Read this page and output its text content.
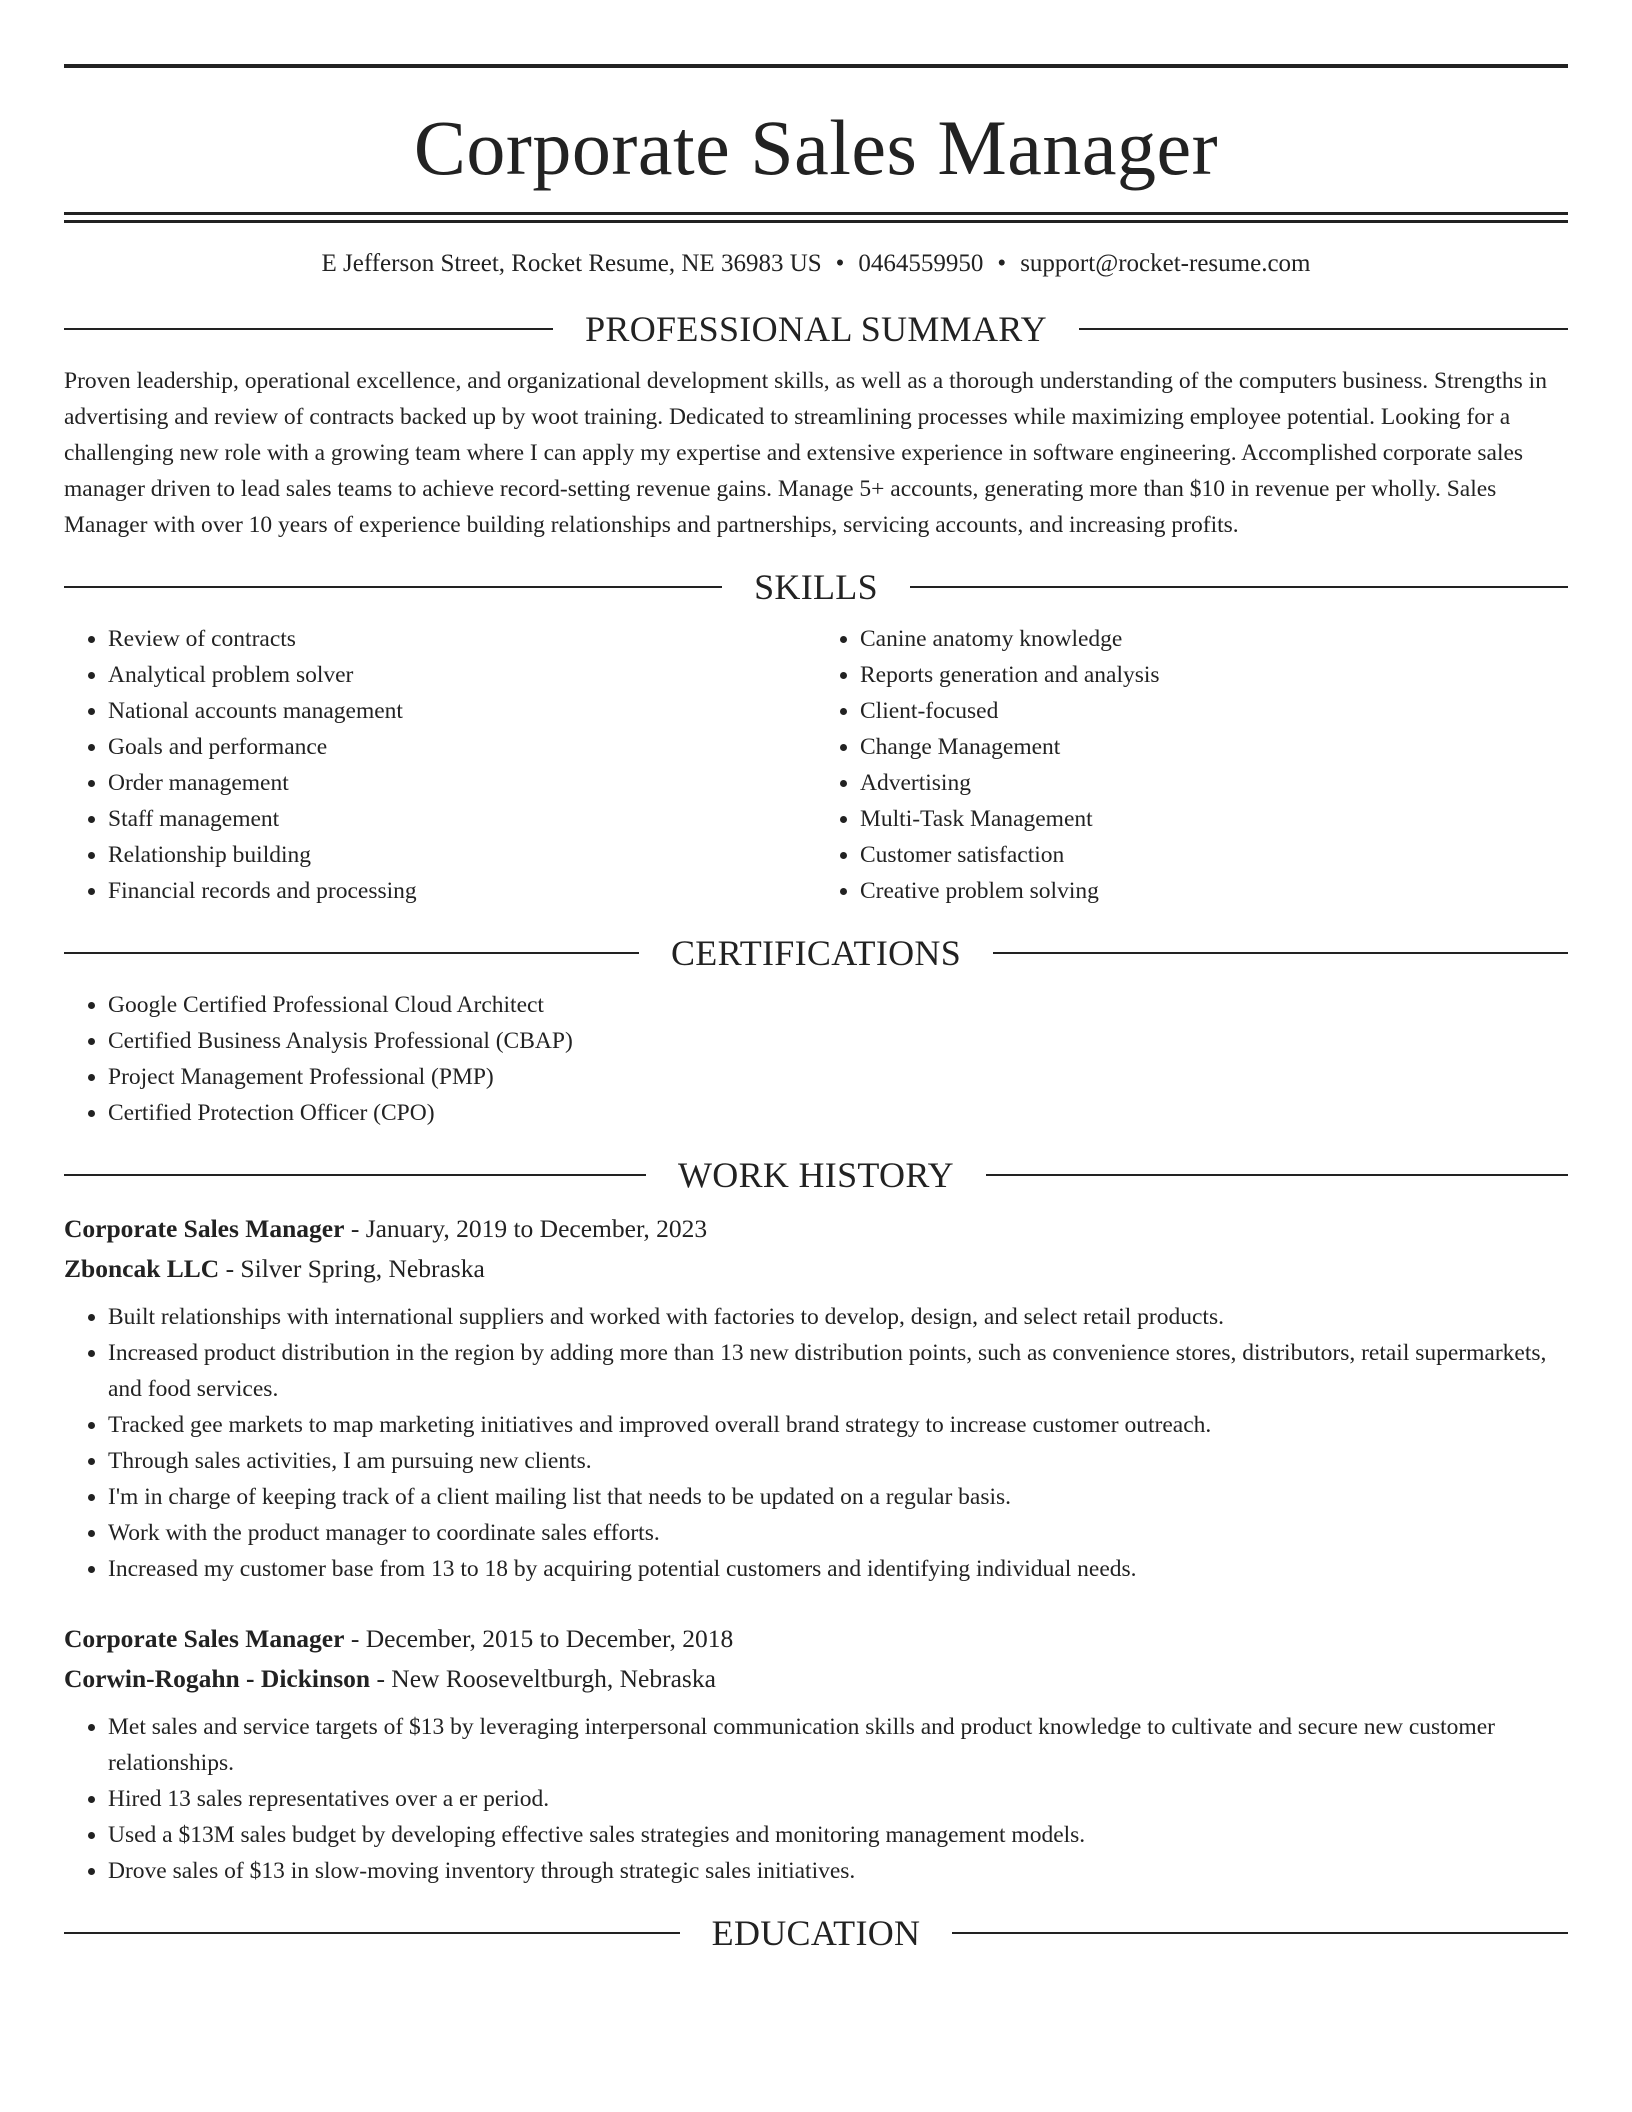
Corporate Sales Manager
E Jefferson Street, Rocket Resume, NE 36983 US • 0464559950 • support@rocket-resume.com
PROFESSIONAL SUMMARY

Proven leadership, operational excellence, and organizational development skills, as well as a thorough understanding of the computers business. Strengths in advertising and review of contracts backed up by woot training. Dedicated to streamlining processes while maximizing employee potential. Looking for a challenging new role with a growing team where I can apply my expertise and extensive experience in software engineering. Accomplished corporate sales manager driven to lead sales teams to achieve record-setting revenue gains. Manage 5+ accounts, generating more than $10 in revenue per wholly. Sales Manager with over 10 years of experience building relationships and partnerships, servicing accounts, and increasing profits.

SKILLS
• Review of contracts
• Analytical problem solver
• National accounts management
• Goals and performance
• Order management
• Staff management
• Relationship building
• Financial records and processing
• Canine anatomy knowledge
• Reports generation and analysis
• Client-focused
• Change Management
• Advertising
• Multi-Task Management
• Customer satisfaction
• Creative problem solving
CERTIFICATIONS
• Google Certified Professional Cloud Architect
• Certified Business Analysis Professional (CBAP)
• Project Management Professional (PMP)
• Certified Protection Officer (CPO)
WORK HISTORY
Corporate Sales Manager - January, 2019 to December, 2023
Zboncak LLC - Silver Spring, Nebraska
• Built relationships with international suppliers and worked with factories to develop, design, and select retail products.
• Increased product distribution in the region by adding more than 13 new distribution points, such as convenience stores, distributors, retail supermarkets, and food services.
• Tracked gee markets to map marketing initiatives and improved overall brand strategy to increase customer outreach.
• Through sales activities, I am pursuing new clients.
• I'm in charge of keeping track of a client mailing list that needs to be updated on a regular basis.
• Work with the product manager to coordinate sales efforts.
• Increased my customer base from 13 to 18 by acquiring potential customers and identifying individual needs.
Corporate Sales Manager - December, 2015 to December, 2018
Corwin-Rogahn - Dickinson - New Rooseveltburgh, Nebraska
• Met sales and service targets of $13 by leveraging interpersonal communication skills and product knowledge to cultivate and secure new customer relationships.
• Hired 13 sales representatives over a er period.
• Used a $13M sales budget by developing effective sales strategies and monitoring management models.
• Drove sales of $13 in slow-moving inventory through strategic sales initiatives.
EDUCATION
